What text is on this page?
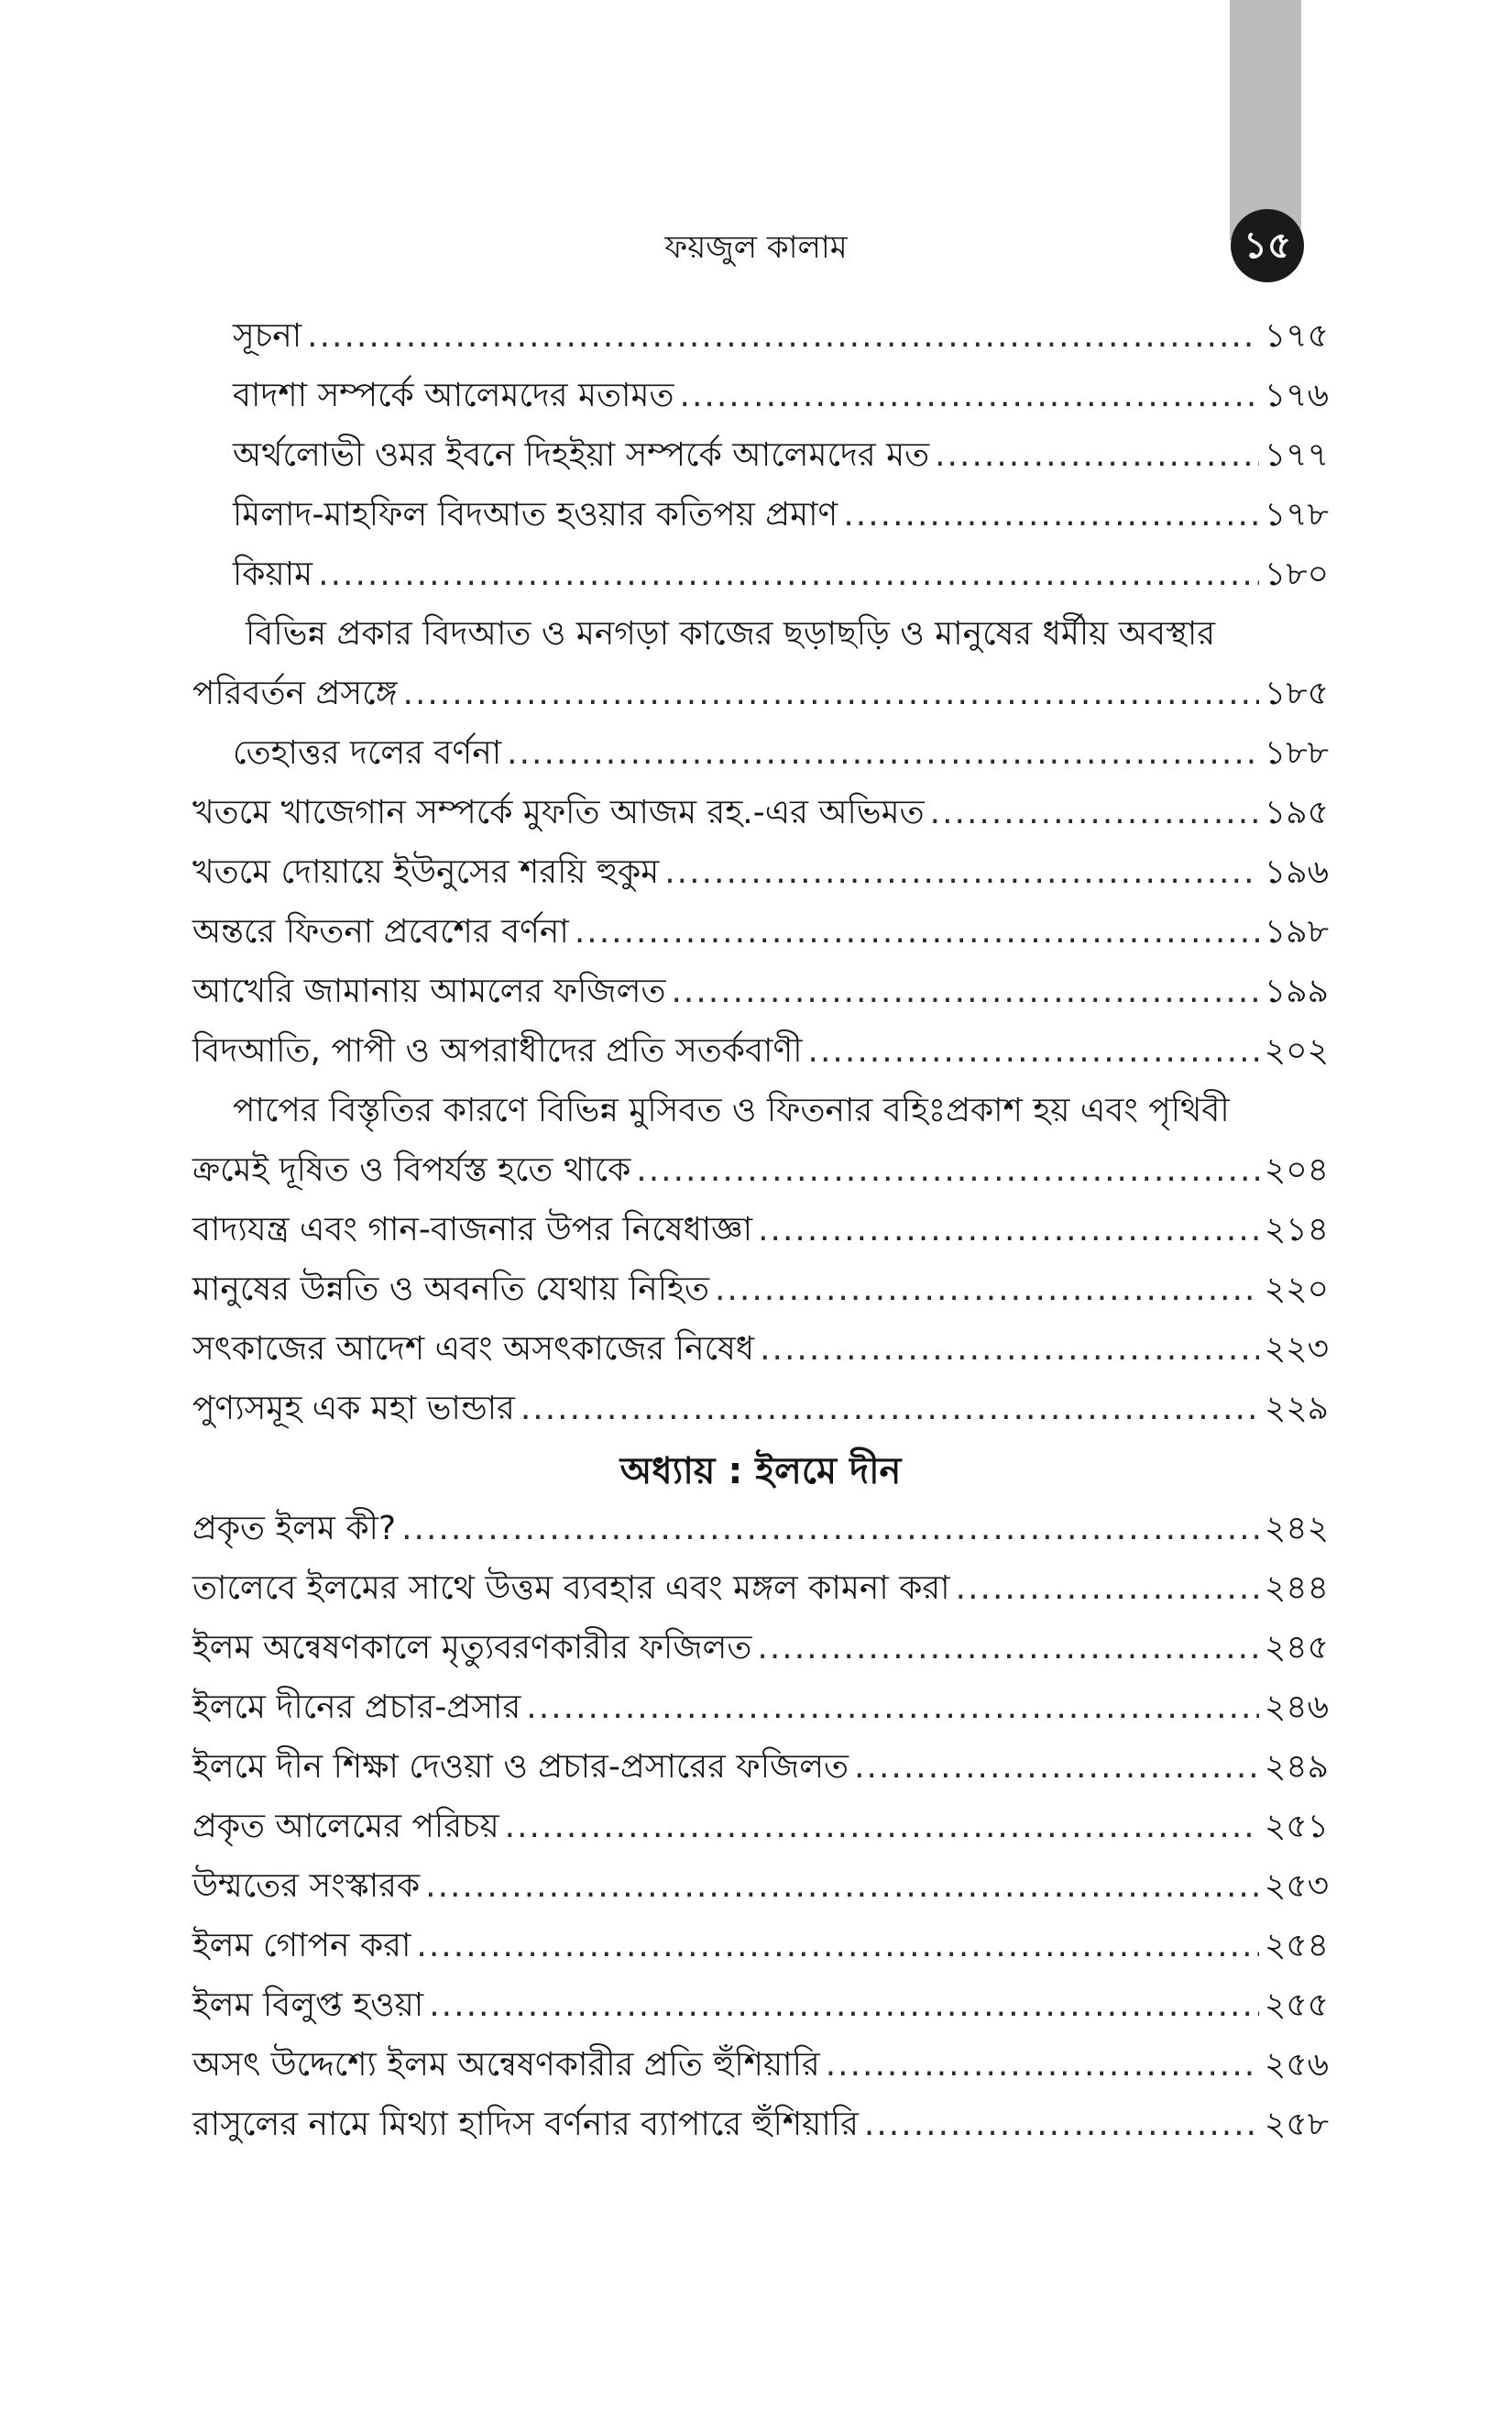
১৫
ফয়জুল কালাম
সূচনা .....	১৭৫
বাদশা সম্পর্কে আলেমদের মতামত .....	১৭৬
অর্থলোভী ওমর ইবনে দিহইয়া সম্পর্কে আলেমদের মত .....	১৭৭
মিলাদ-মাহফিল বিদআত হওয়ার কতিপয় প্রমাণ .....	১৭৮
কিয়াম .....	১৮০
বিভিন্ন প্রকার বিদআত ও মনগড়া কাজের ছড়াছড়ি ও মানুষের ধর্মীয় অবস্থার
পরিবর্তন প্রসঙ্গে .....	১৮৫
তেহাত্তর দলের বর্ণনা .....	১৮৮
খতমে খাজেগান সম্পর্কে মুফতি আজম রহ.-এর অভিমত .....	১৯৫
খতমে দোয়ায়ে ইউনুসের শরয়ি হুকুম .....	১৯৬
অন্তরে ফিতনা প্রবেশের বর্ণনা .....	১৯৮
আখেরি জামানায় আমলের ফজিলত .....	১৯৯
বিদআতি, পাপী ও অপরাধীদের প্রতি সতর্কবাণী .....	২০২
পাপের বিস্তৃতির কারণে বিভিন্ন মুসিবত ও ফিতনার বহিঃপ্রকাশ হয় এবং পৃথিবী
ক্রমেই দূষিত ও বিপর্যস্ত হতে থাকে .....	২০৪
বাদ্যযন্ত্র এবং গান-বাজনার উপর নিষেধাজ্ঞা .....	২১৪
মানুষের উন্নতি ও অবনতি যেথায় নিহিত .....	২২০
সৎকাজের আদেশ এবং অসৎকাজের নিষেধ .....	২২৩
পুণ্যসমূহ এক মহা ভান্ডার .....	২২৯
অধ্যায় : ইলমে দীন
প্রকৃত ইলম কী? .....	২৪২
তালেবে ইলমের সাথে উত্তম ব্যবহার এবং মঙ্গল কামনা করা .....	২৪৪
ইলম অন্বেষণকালে মৃত্যুবরণকারীর ফজিলত .....	২৪৫
ইলমে দীনের প্রচার-প্রসার .....	২৪৬
ইলমে দীন শিক্ষা দেওয়া ও প্রচার-প্রসারের ফজিলত .....	২৪৯
প্রকৃত আলেমের পরিচয় .....	২৫১
উম্মতের সংস্কারক .....	২৫৩
ইলম গোপন করা .....	২৫৪
ইলম বিলুপ্ত হওয়া .....	২৫৫
অসৎ উদ্দেশ্যে ইলম অন্বেষণকারীর প্রতি হুঁশিয়ারি .....	২৫৬
রাসুলের নামে মিথ্যা হাদিস বর্ণনার ব্যাপারে হুঁশিয়ারি .....	২৫৮
